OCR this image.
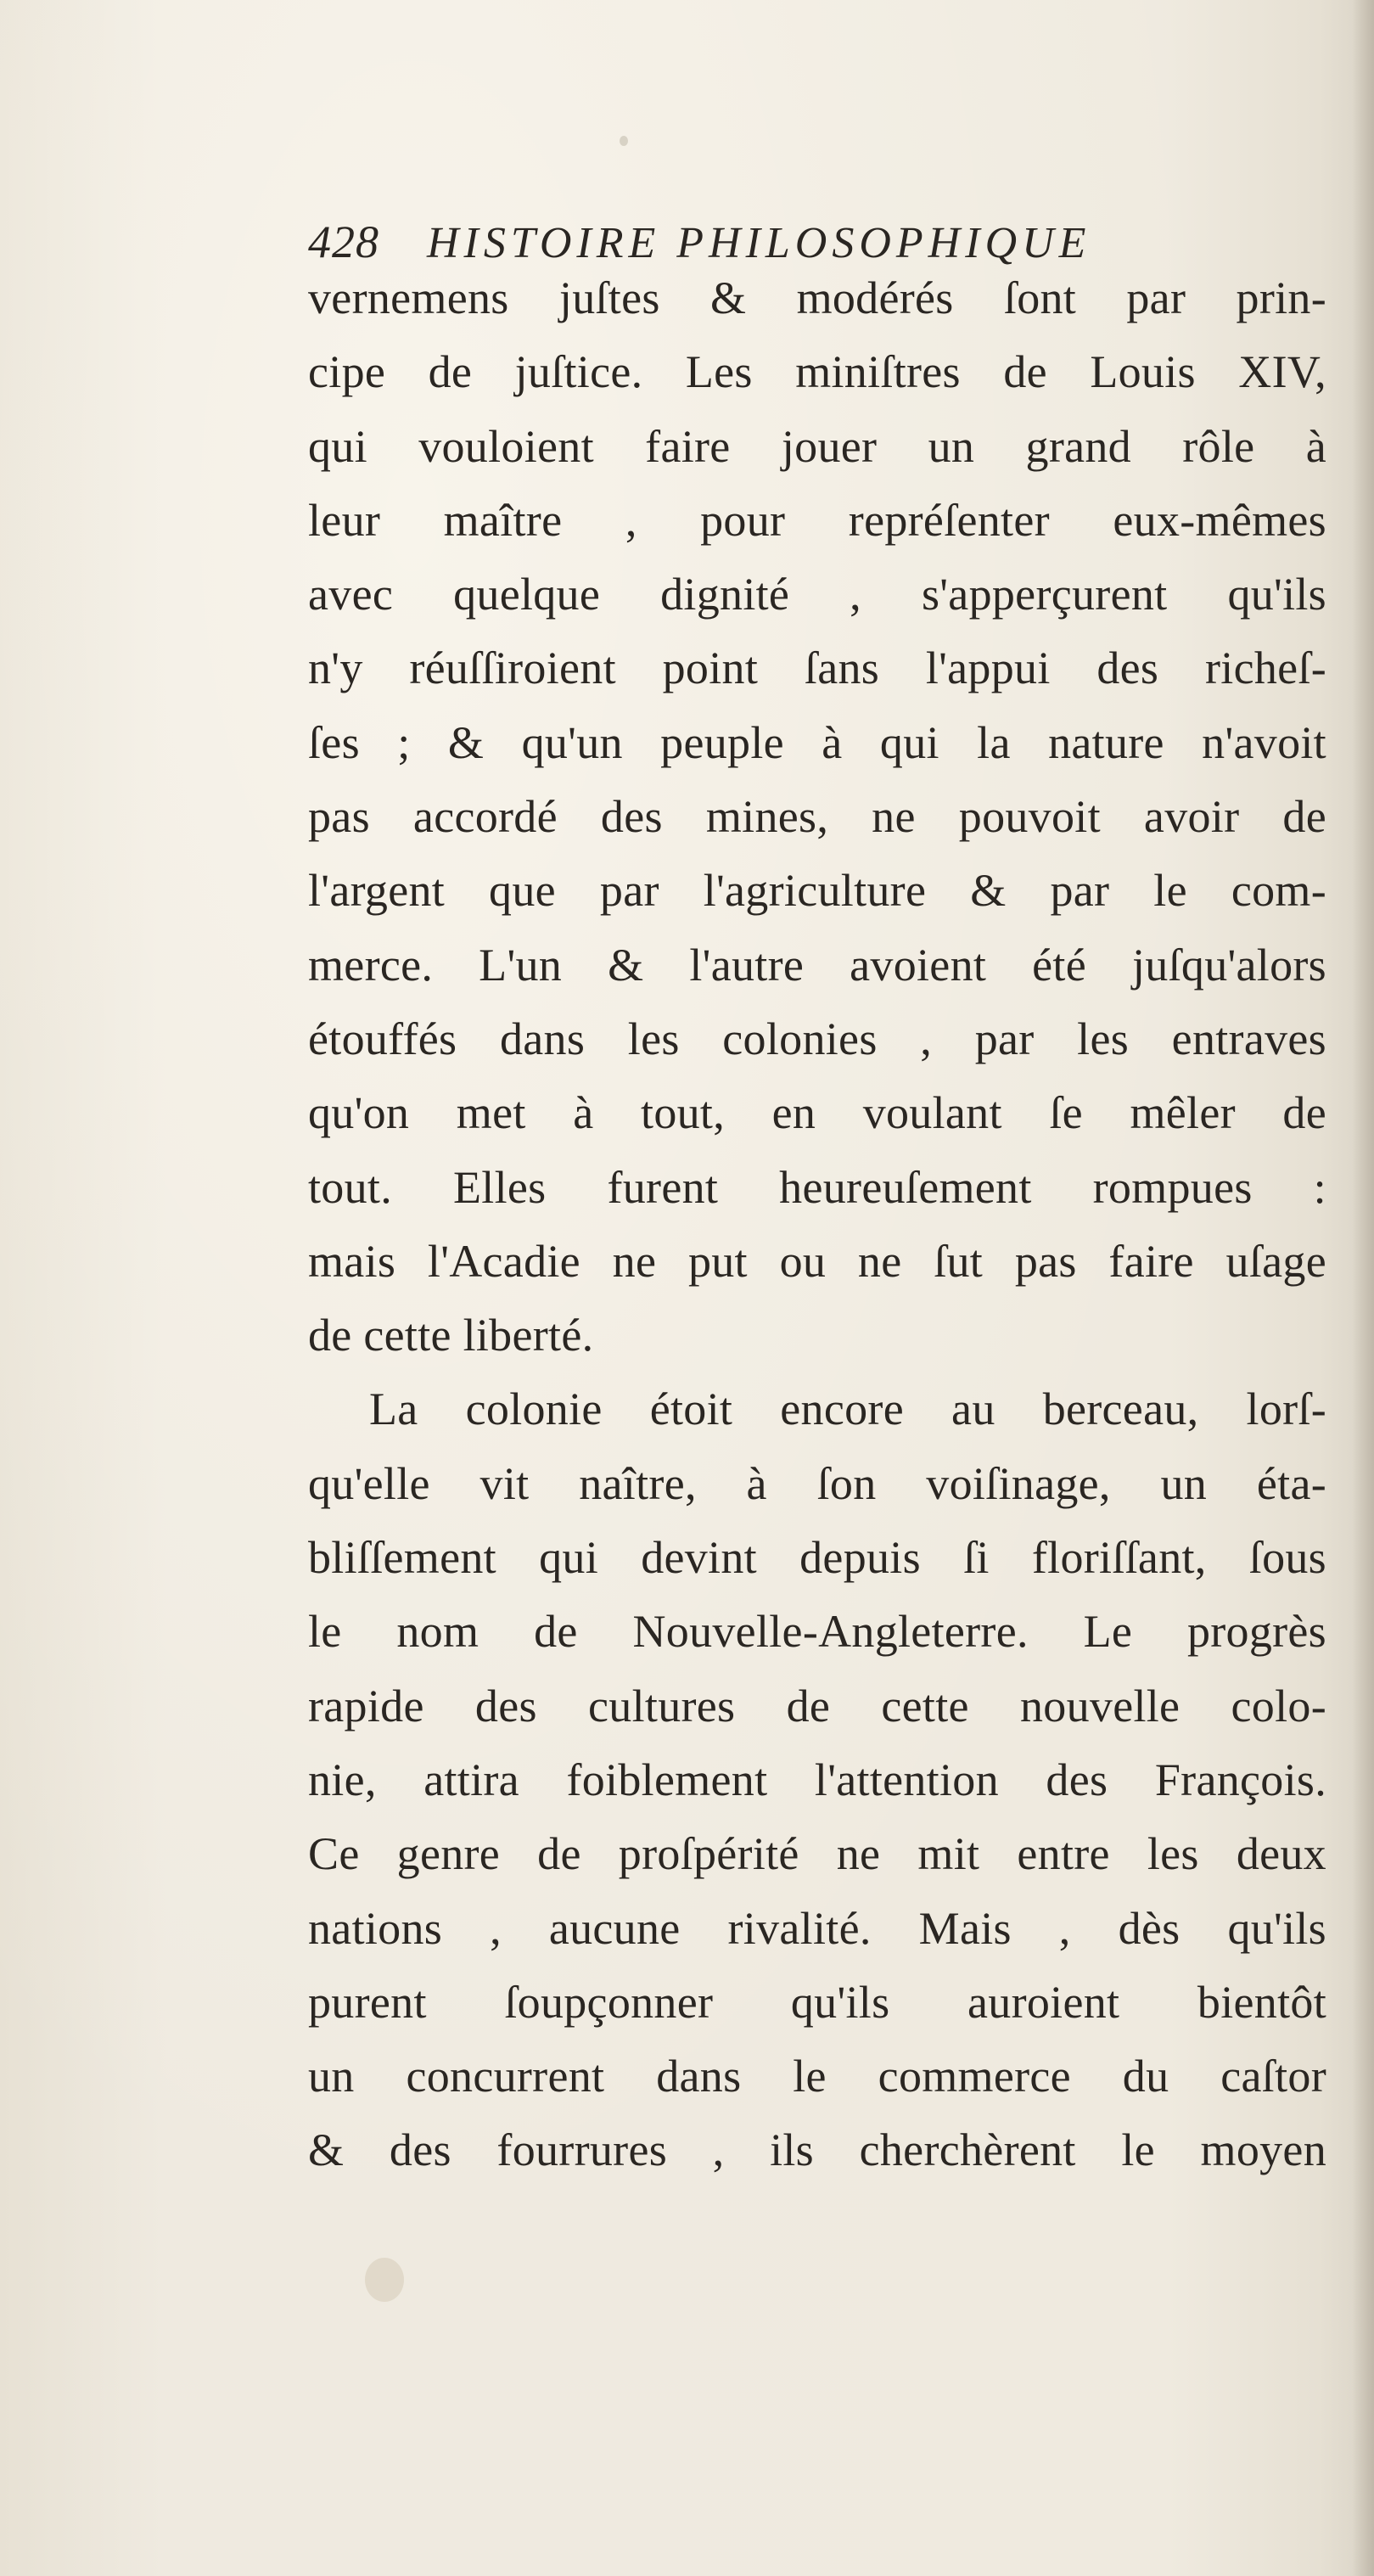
428 HISTOIRE PHILOSOPHIQUE
vernemens juſtes & modérés ſont par prin-
cipe de juſtice. Les miniſtres de Louis XIV,
qui vouloient faire jouer un grand rôle à
leur maître , pour repréſenter eux-mêmes
avec quelque dignité , s'apperçurent qu'ils
n'y réuſſiroient point ſans l'appui des richeſ-
ſes ; & qu'un peuple à qui la nature n'avoit
pas accordé des mines, ne pouvoit avoir de
l'argent que par l'agriculture & par le com-
merce. L'un & l'autre avoient été juſqu'alors
étouffés dans les colonies , par les entraves
qu'on met à tout, en voulant ſe mêler de
tout. Elles furent heureuſement rompues :
mais l'Acadie ne put ou ne ſut pas faire uſage
de cette liberté.
La colonie étoit encore au berceau, lorſ-
qu'elle vit naître, à ſon voiſinage, un éta-
bliſſement qui devint depuis ſi floriſſant, ſous
le nom de Nouvelle-Angleterre. Le progrès
rapide des cultures de cette nouvelle colo-
nie, attira foiblement l'attention des François.
Ce genre de proſpérité ne mit entre les deux
nations , aucune rivalité. Mais , dès qu'ils
purent ſoupçonner qu'ils auroient bientôt
un concurrent dans le commerce du caſtor
& des fourrures , ils cherchèrent le moyen
